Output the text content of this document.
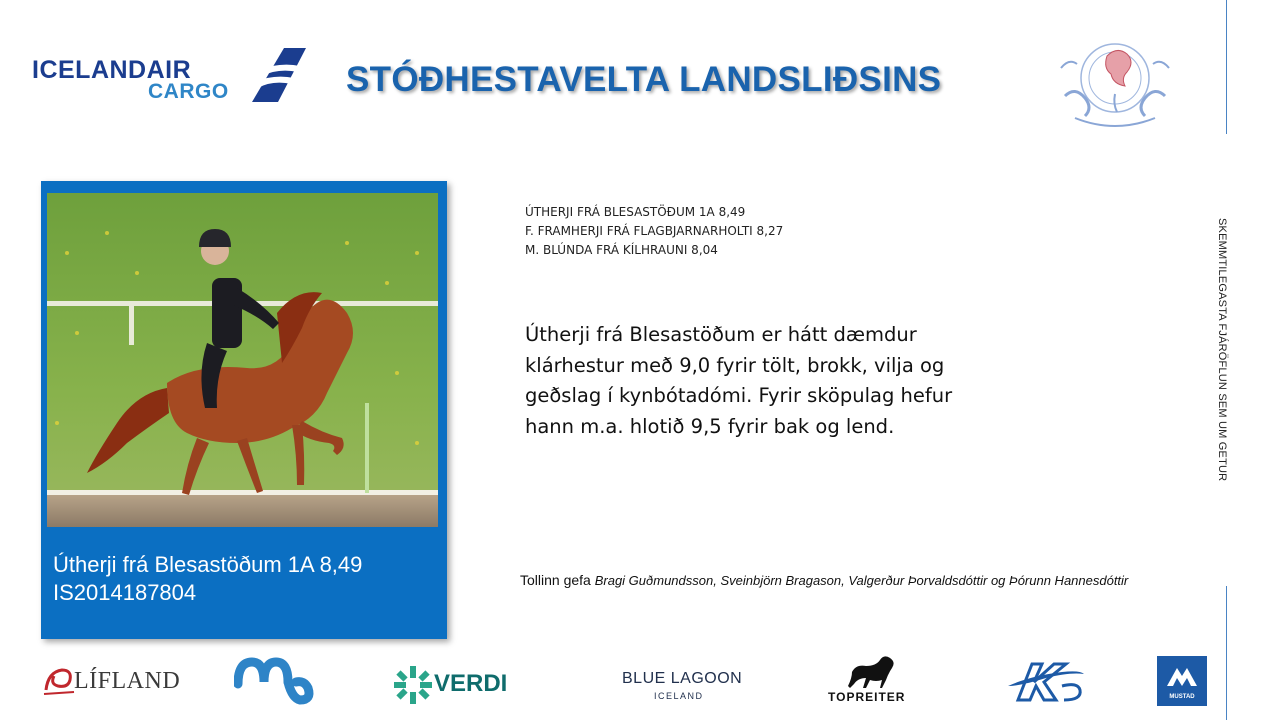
ICELANDAIR
CARGO	STÓÐHESTAVELTA LANDSLIÐSINS
SKEMMTILEGASTA FJÁRÖFLUN SEM UM GETUR
Útherji frá Blesastöðum 1A 8,49
IS2014187804
ÚTHERJI FRÁ BLESASTÖÐUM 1A 8,49
F. FRAMHERJI FRÁ FLAGBJARNARHOLTI 8,27
M. BLÚNDA FRÁ KÍLHRAUNI 8,04
Útherji frá Blesastöðum er hátt dæmdur klárhestur með 9,0 fyrir tölt, brokk, vilja og geðslag í kynbótadómi. Fyrir sköpulag hefur hann m.a. hlotið 9,5 fyrir bak og lend.
Tollinn gefa Bragi Guðmundsson, Sveinbjörn Bragason, Valgerður Þorvaldsdóttir og Þórunn Hannesdóttir
LÍFLAND	VERDI	BLUE LAGOON
ICELAND	TOPREITER	MUSTAD
